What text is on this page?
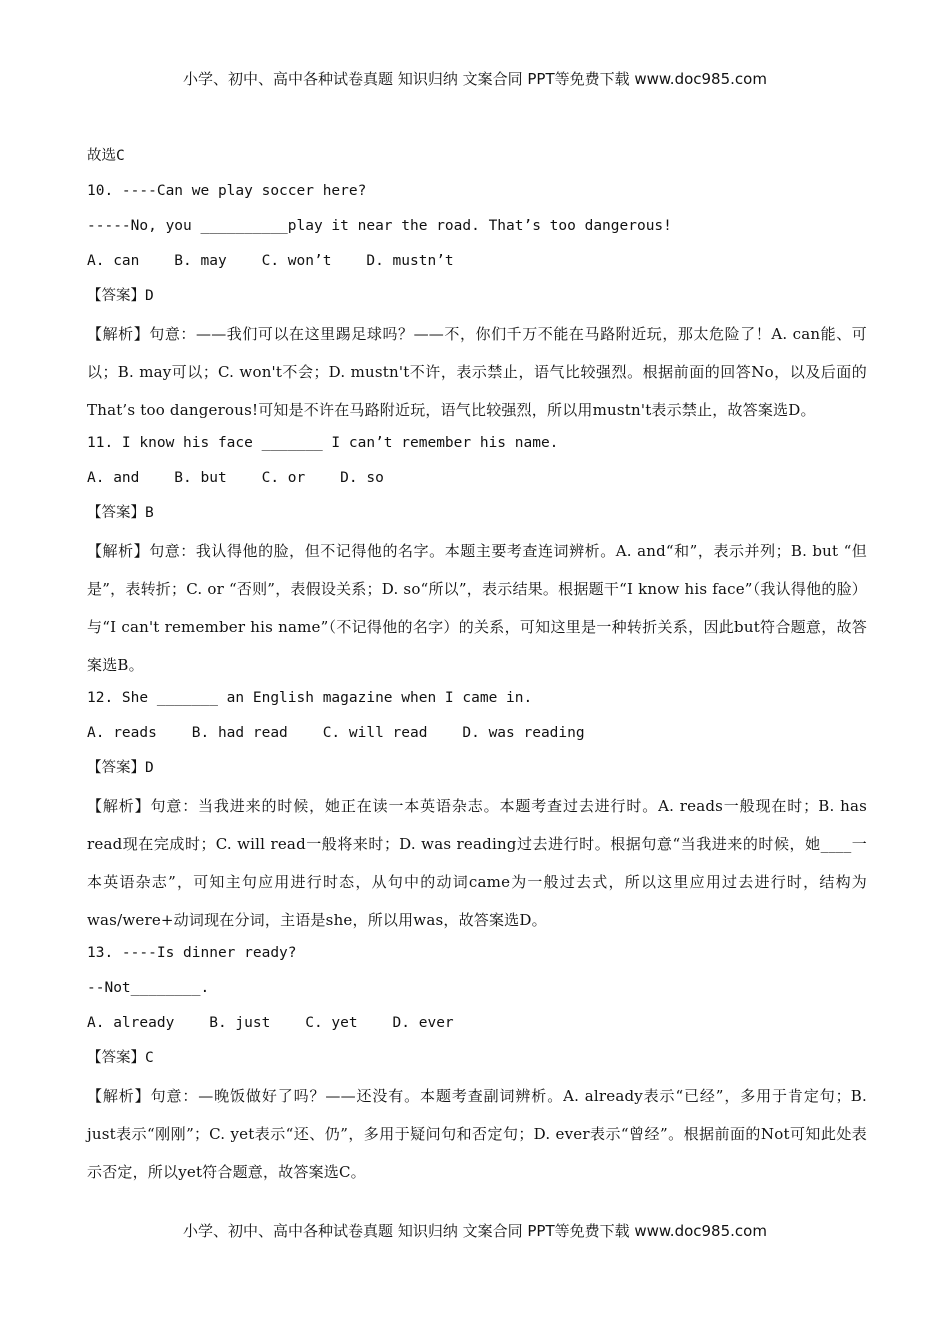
小学、初中、高中各种试卷真题 知识归纳 文案合同 PPT等免费下载 www.doc985.com
故选C
10. ----Can we play soccer here?
-----No, you __________play it near the road. That’s too dangerous!
A. can    B. may    C. won’t    D. mustn’t
【答案】D
【解析】句意：——我们可以在这里踢足球吗？——不，你们千万不能在马路附近玩，那太危险了！A. can能、可以；B. may可以；C. won't不会；D. mustn't不许，表示禁止，语气比较强烈。根据前面的回答No，以及后面的That’s too dangerous!可知是不许在马路附近玩，语气比较强烈，所以用mustn't表示禁止，故答案选D。
11. I know his face _______ I can’t remember his name.
A. and    B. but    C. or    D. so
【答案】B
【解析】句意：我认得他的脸，但不记得他的名字。本题主要考查连词辨析。A. and“和”，表示并列；B. but “但是”，表转折；C. or “否则”，表假设关系；D. so“所以”，表示结果。根据题干“I know his face”（我认得他的脸）与“I can't remember his name”（不记得他的名字）的关系，可知这里是一种转折关系，因此but符合题意，故答案选B。
12. She _______ an English magazine when I came in.
A. reads    B. had read    C. will read    D. was reading
【答案】D
【解析】句意：当我进来的时候，她正在读一本英语杂志。本题考查过去进行时。A. reads一般现在时；B. has read现在完成时；C. will read一般将来时；D. was reading过去进行时。根据句意“当我进来的时候，她____一本英语杂志”，可知主句应用进行时态，从句中的动词came为一般过去式，所以这里应用过去进行时，结构为was/were+动词现在分词，主语是she，所以用was，故答案选D。
13. ----Is dinner ready?
--Not________.
A. already    B. just    C. yet    D. ever
【答案】C
【解析】句意：—晚饭做好了吗？——还没有。本题考查副词辨析。A. already表示“已经”，多用于肯定句；B. just表示“刚刚”；C. yet表示“还、仍”，多用于疑问句和否定句；D. ever表示“曾经”。根据前面的Not可知此处表示否定，所以yet符合题意，故答案选C。
小学、初中、高中各种试卷真题 知识归纳 文案合同 PPT等免费下载 www.doc985.com
